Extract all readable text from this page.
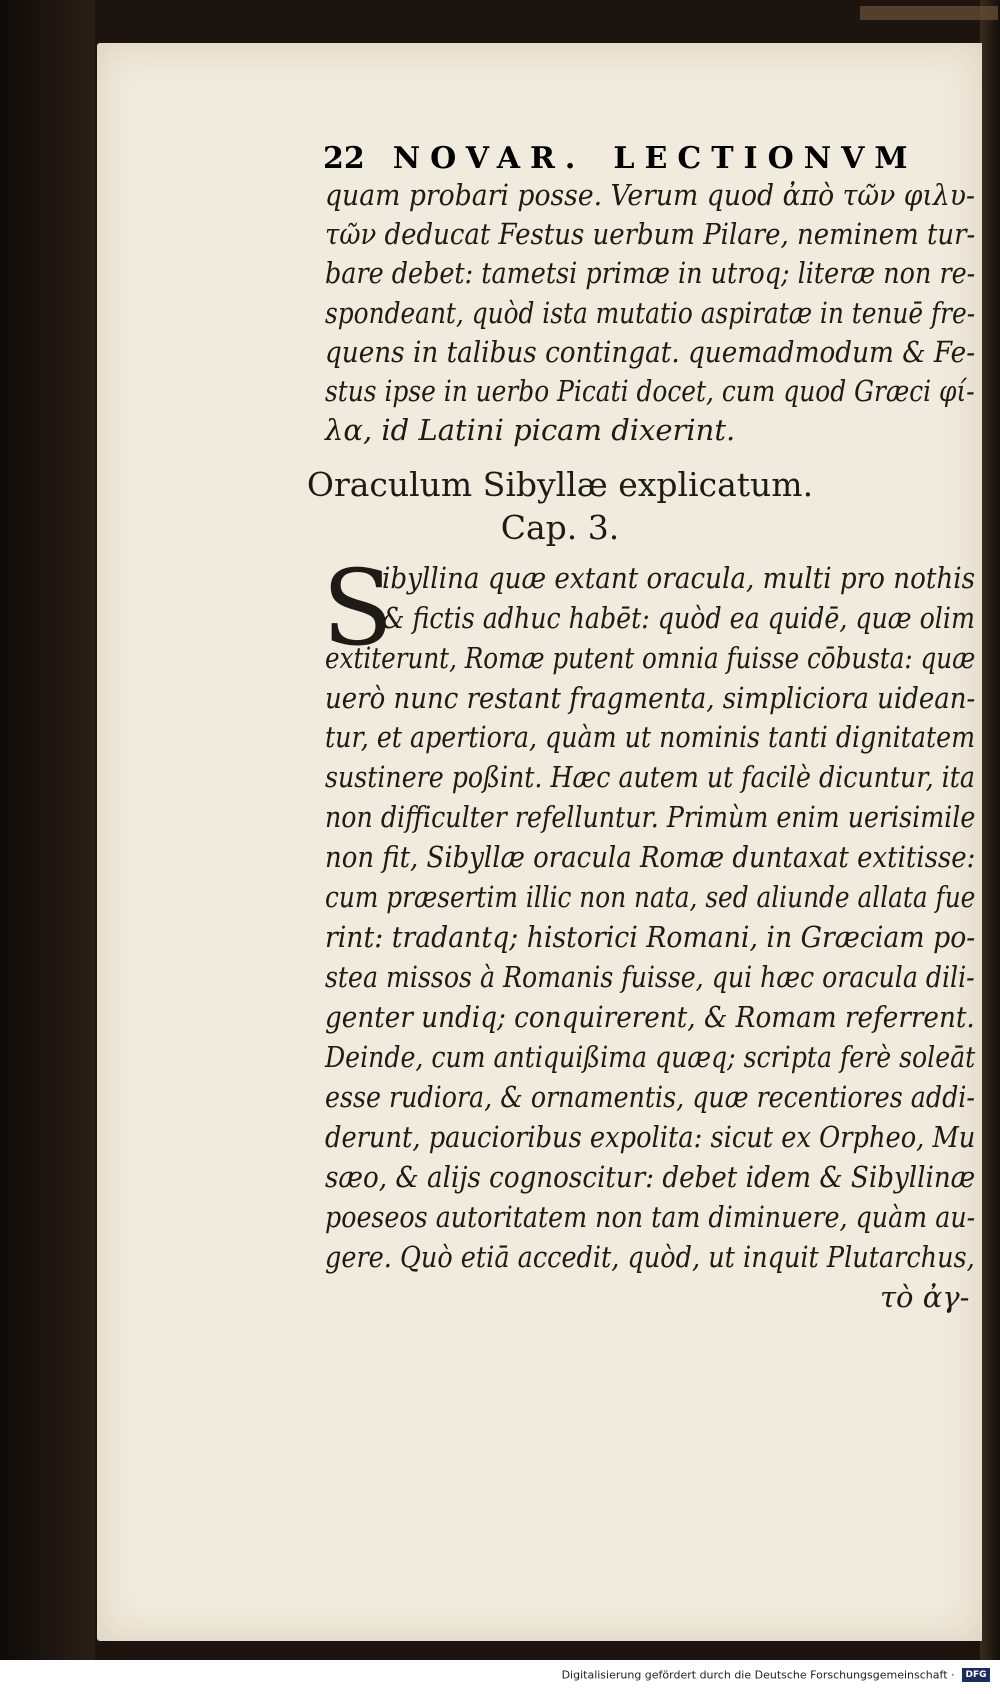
22 NOVAR. LECTIONVM
quam probari posse. Verum quod ἀπὸ τῶν φιλυ-
τῶν deducat Festus uerbum Pilare, neminem tur-
bare debet: tametsi primæ in utroq; literæ non re-
spondeant, quòd ista mutatio aspiratæ in tenuē fre-
quens in talibus contingat. quemadmodum & Fe-
stus ipse in uerbo Picati docet, cum quod Græci φί-
λα, id Latini picam dixerint.
Oraculum Sibyllæ explicatum.
Cap. 3.
S
ibyllina quæ extant oracula, multi pro nothis
& fictis adhuc habēt: quòd ea quidē, quæ olim
extiterunt, Romæ putent omnia fuisse cōbusta: quæ
uerò nunc restant fragmenta, simpliciora uidean-
tur, et apertiora, quàm ut nominis tanti dignitatem
sustinere poßint. Hæc autem ut facilè dicuntur, ita
non difficulter refelluntur. Primùm enim uerisimile
non fit, Sibyllæ oracula Romæ duntaxat extitisse:
cum præsertim illic non nata, sed aliunde allata fue
rint: tradantq; historici Romani, in Græciam po-
stea missos à Romanis fuisse, qui hæc oracula dili-
genter undiq; conquirerent, & Romam referrent.
Deinde, cum antiquißima quæq; scripta ferè soleāt
esse rudiora, & ornamentis, quæ recentiores addi-
derunt, paucioribus expolita: sicut ex Orpheo, Mu
sæo, & alijs cognoscitur: debet idem & Sibyllinæ
poeseos autoritatem non tam diminuere, quàm au-
gere. Quò etiā accedit, quòd, ut inquit Plutarchus,
τὸ ἀγ-
Digitalisierung gefördert durch die Deutsche Forschungsgemeinschaft · DFG
